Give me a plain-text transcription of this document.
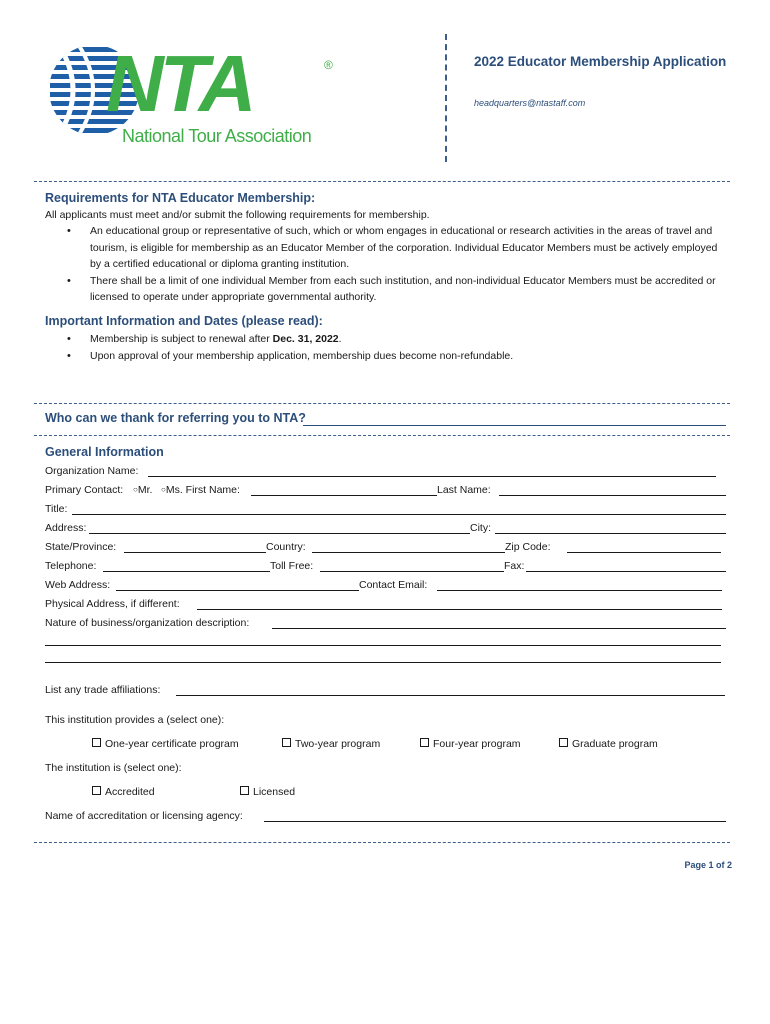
NTA	®
National Tour Association
2022 Educator Membership Application
headquarters@ntastaff.com
Requirements for NTA Educator Membership:
All applicants must meet and/or submit the following requirements for membership.
• An educational group or representative of such, which or whom engages in educational or research activities in the areas of travel and tourism, is eligible for membership as an Educator Member of the corporation. Individual Educator Members must be actively employed by a certified educational or diploma granting institution.
• There shall be a limit of one individual Member from each such institution, and non-individual Educator Members must be accredited or licensed to operate under appropriate governmental authority.
Important Information and Dates (please read):
• Membership is subject to renewal after Dec. 31, 2022.
• Upon approval of your membership application, membership dues become non-refundable.
Who can we thank for referring you to NTA?
General Information
Organization Name:
Primary Contact: ○Mr. ○Ms. First Name:	Last Name:
Title:
Address:	City:
State/Province:	Country:	Zip Code:
Telephone:	Toll Free:	Fax:
Web Address:	Contact Email:
Physical Address, if different:
Nature of business/organization description:
List any trade affiliations:
This institution provides a (select one):
One-year certificate program	Two-year program	Four-year program	Graduate program
The institution is (select one):
Accredited	Licensed
Name of accreditation or licensing agency:
Page 1 of 2
